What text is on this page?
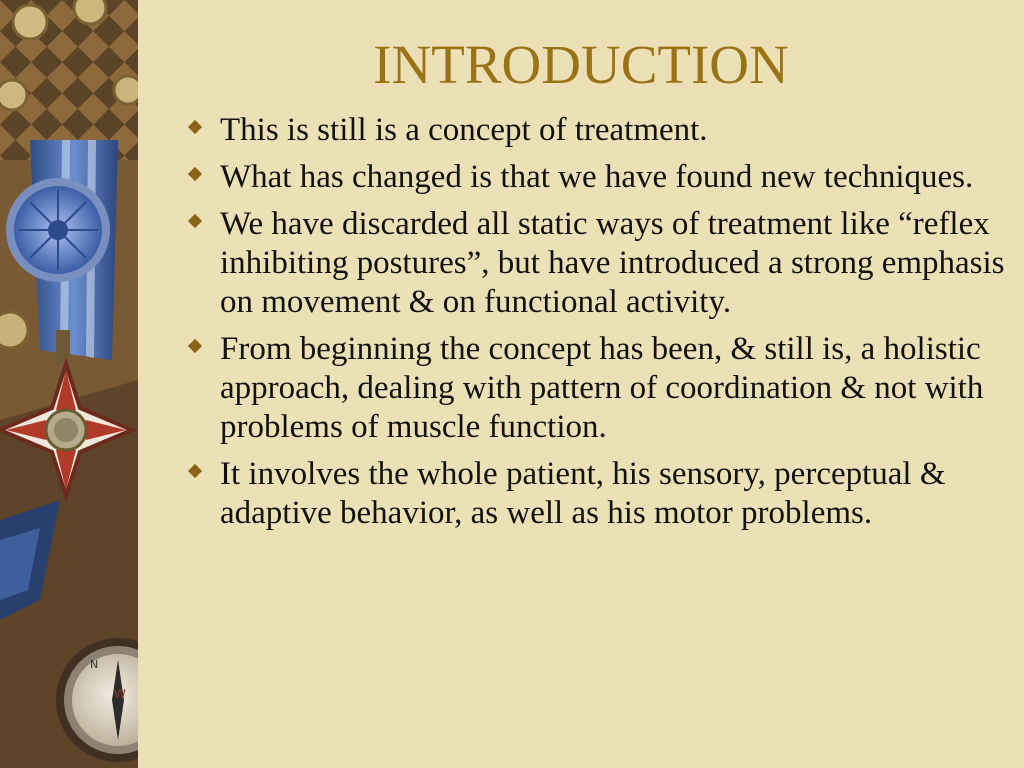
W
N
INTRODUCTION
This is still is a concept of treatment.
What has changed is that we have found new techniques.
We have discarded all static ways of treatment like “reflex inhibiting postures”, but have introduced a strong emphasis on movement & on functional activity.
From beginning the concept has been, & still is, a holistic approach, dealing with pattern of coordination & not with problems of muscle function.
It involves the whole patient, his sensory, perceptual & adaptive behavior, as well as his motor problems.
